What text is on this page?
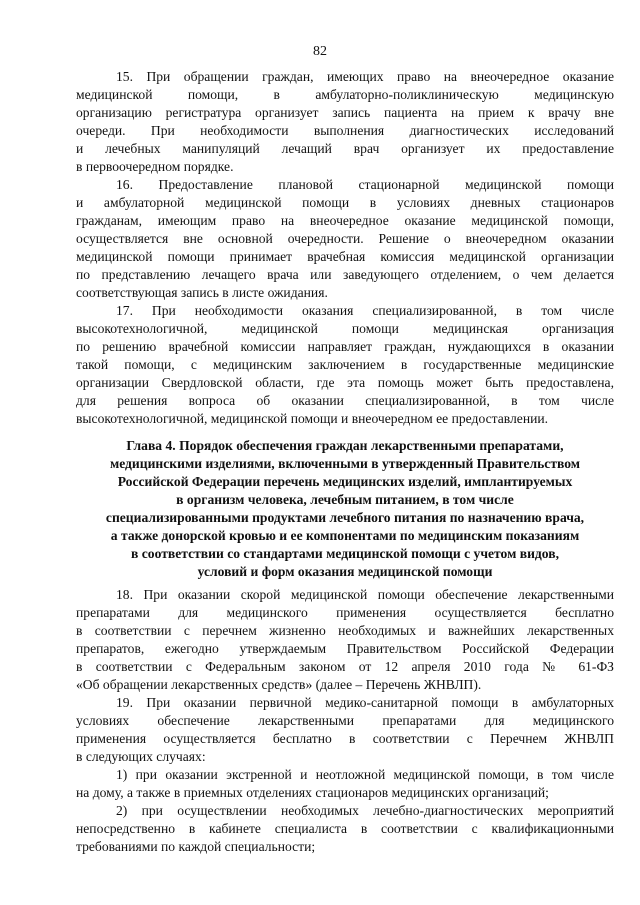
82
15. При обращении граждан, имеющих право на внеочередное оказание
медицинской помощи, в амбулаторно-поликлиническую медицинскую
организацию регистратура организует запись пациента на прием к врачу вне
очереди. При необходимости выполнения диагностических исследований
и лечебных манипуляций лечащий врач организует их предоставление
в первоочередном порядке.
16. Предоставление плановой стационарной медицинской помощи
и амбулаторной медицинской помощи в условиях дневных стационаров
гражданам, имеющим право на внеочередное оказание медицинской помощи,
осуществляется вне основной очередности. Решение о внеочередном оказании
медицинской помощи принимает врачебная комиссия медицинской организации
по представлению лечащего врача или заведующего отделением, о чем делается
соответствующая запись в листе ожидания.
17. При необходимости оказания специализированной, в том числе
высокотехнологичной, медицинской помощи медицинская организация
по решению врачебной комиссии направляет граждан, нуждающихся в оказании
такой помощи, с медицинским заключением в государственные медицинские
организации Свердловской области, где эта помощь может быть предоставлена,
для решения вопроса об оказании специализированной, в том числе
высокотехнологичной, медицинской помощи и внеочередном ее предоставлении.
Глава 4. Порядок обеспечения граждан лекарственными препаратами,
медицинскими изделиями, включенными в утвержденный Правительством
Российской Федерации перечень медицинских изделий, имплантируемых
в организм человека, лечебным питанием, в том числе
специализированными продуктами лечебного питания по назначению врача,
а также донорской кровью и ее компонентами по медицинским показаниям
в соответствии со стандартами медицинской помощи с учетом видов,
условий и форм оказания медицинской помощи
18. При оказании скорой медицинской помощи обеспечение лекарственными
препаратами для медицинского применения осуществляется бесплатно
в соответствии с перечнем жизненно необходимых и важнейших лекарственных
препаратов, ежегодно утверждаемым Правительством Российской Федерации
в соответствии с Федеральным законом от 12 апреля 2010 года № 61-ФЗ
«Об обращении лекарственных средств» (далее – Перечень ЖНВЛП).
19. При оказании первичной медико-санитарной помощи в амбулаторных
условиях обеспечение лекарственными препаратами для медицинского
применения осуществляется бесплатно в соответствии с Перечнем ЖНВЛП
в следующих случаях:
1) при оказании экстренной и неотложной медицинской помощи, в том числе
на дому, а также в приемных отделениях стационаров медицинских организаций;
2) при осуществлении необходимых лечебно-диагностических мероприятий
непосредственно в кабинете специалиста в соответствии с квалификационными
требованиями по каждой специальности;
